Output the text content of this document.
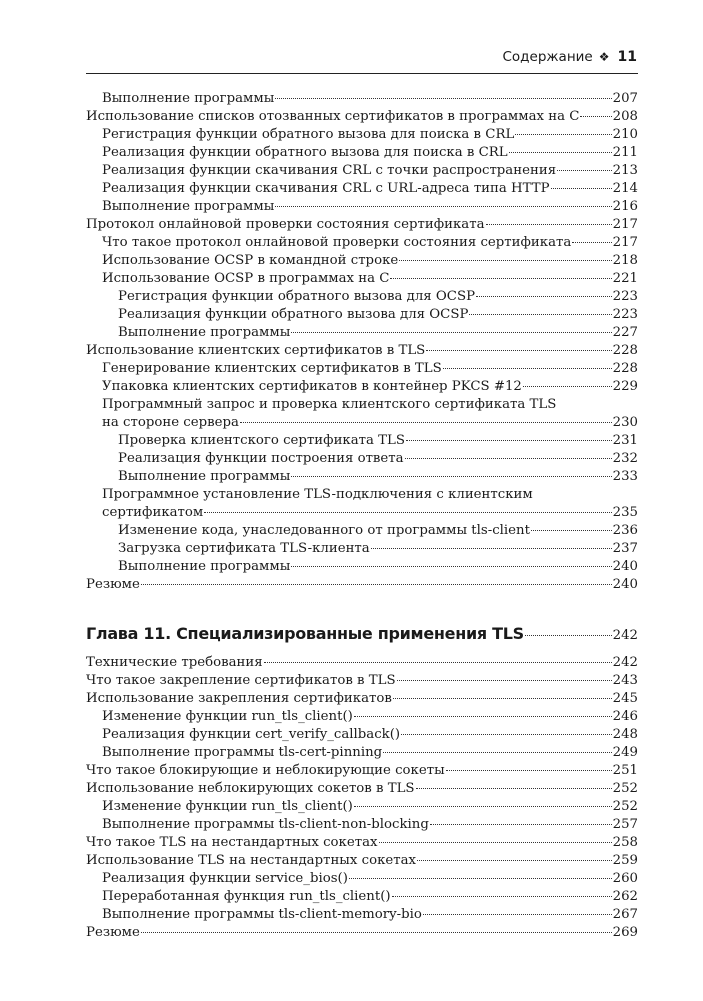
Содержание ❖ 11
Выполнение программы	207
Использование списков отозванных сертификатов в программах на C 208
Регистрация функции обратного вызова для поиска в CRL	210
Реализация функции обратного вызова для поиска в CRL	211
Реализация функции скачивания CRL с точки распространения	213
Реализация функции скачивания CRL с URL-адреса типа HTTP	214
Выполнение программы	216
Протокол онлайновой проверки состояния сертификата	217
Что такое протокол онлайновой проверки состояния сертификата	217
Использование OCSP в командной строке	218
Использование OCSP в программах на C	221
Регистрация функции обратного вызова для OCSP	223
Реализация функции обратного вызова для OCSP	223
Выполнение программы	227
Использование клиентских сертификатов в TLS	228
Генерирование клиентских сертификатов в TLS	228
Упаковка клиентских сертификатов в контейнер PKCS #12	229
Программный запрос и проверка клиентского сертификата TLS
на стороне сервера	230
Проверка клиентского сертификата TLS	231
Реализация функции построения ответа	232
Выполнение программы	233
Программное установление TLS-подключения с клиентским
сертификатом	235
Изменение кода, унаследованного от программы tls-client	236
Загрузка сертификата TLS-клиента	237
Выполнение программы	240
Резюме	240
Глава 11. Специализированные применения TLS	242
Технические требования	242
Что такое закрепление сертификатов в TLS	243
Использование закрепления сертификатов	245
Изменение функции run_tls_client()	246
Реализация функции cert_verify_callback()	248
Выполнение программы tls-cert-pinning	249
Что такое блокирующие и неблокирующие сокеты	251
Использование неблокирующих сокетов в TLS	252
Изменение функции run_tls_client()	252
Выполнение программы tls-client-non-blocking	257
Что такое TLS на нестандартных сокетах	258
Использование TLS на нестандартных сокетах	259
Реализация функции service_bios()	260
Переработанная функция run_tls_client()	262
Выполнение программы tls-client-memory-bio	267
Резюме	269
